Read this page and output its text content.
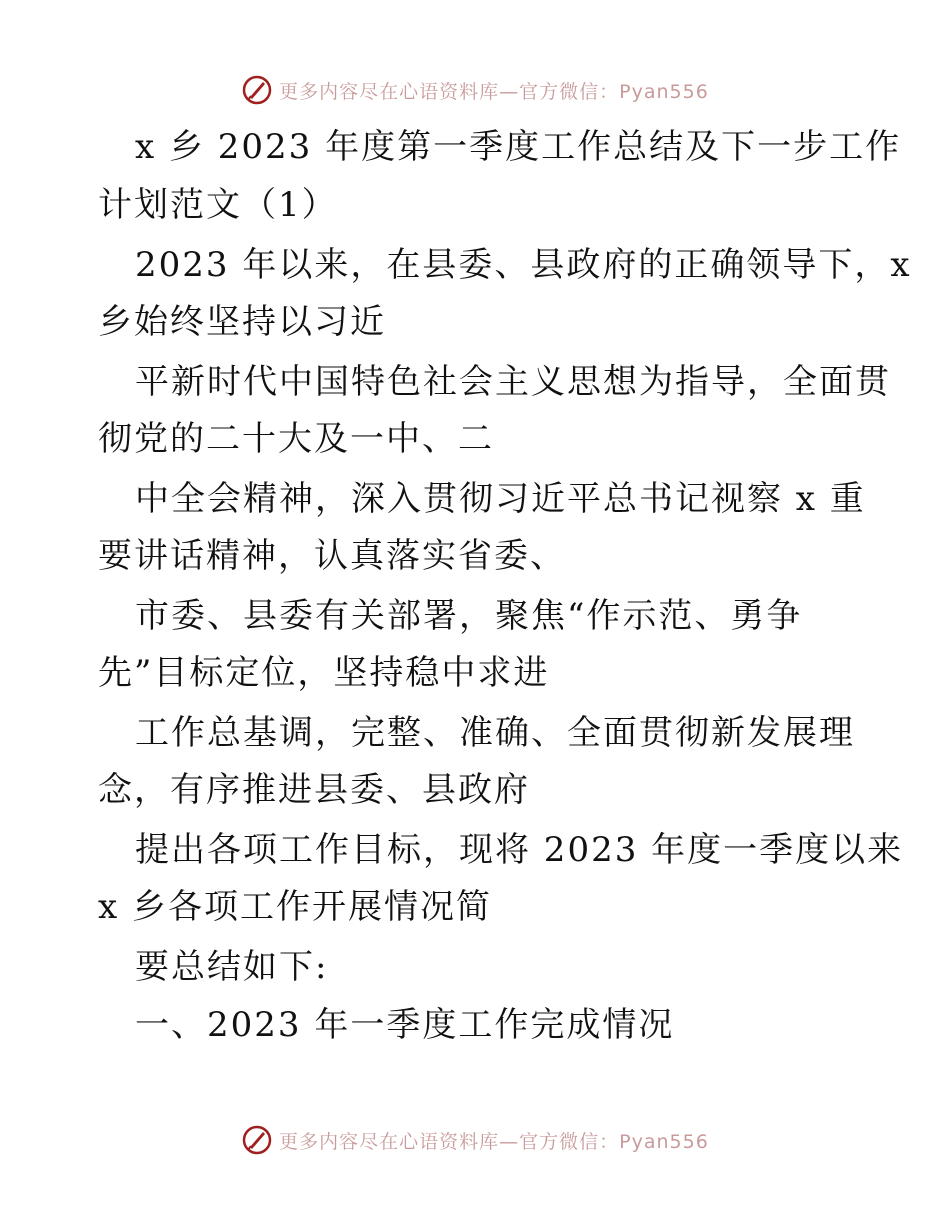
更多内容尽在心语资料库—官方微信：Pyan556
x 乡 2023 年度第一季度工作总结及下一步工作
计划范文（1）
2023 年以来，在县委、县政府的正确领导下，x
乡始终坚持以习近
平新时代中国特色社会主义思想为指导，全面贯
彻党的二十大及一中、二
中全会精神，深入贯彻习近平总书记视察 x 重
要讲话精神，认真落实省委、
市委、县委有关部署，聚焦“作示范、勇争
先”目标定位，坚持稳中求进
工作总基调，完整、准确、全面贯彻新发展理
念，有序推进县委、县政府
提出各项工作目标，现将 2023 年度一季度以来
x 乡各项工作开展情况简
要总结如下:
一、2023 年一季度工作完成情况
更多内容尽在心语资料库—官方微信：Pyan556
